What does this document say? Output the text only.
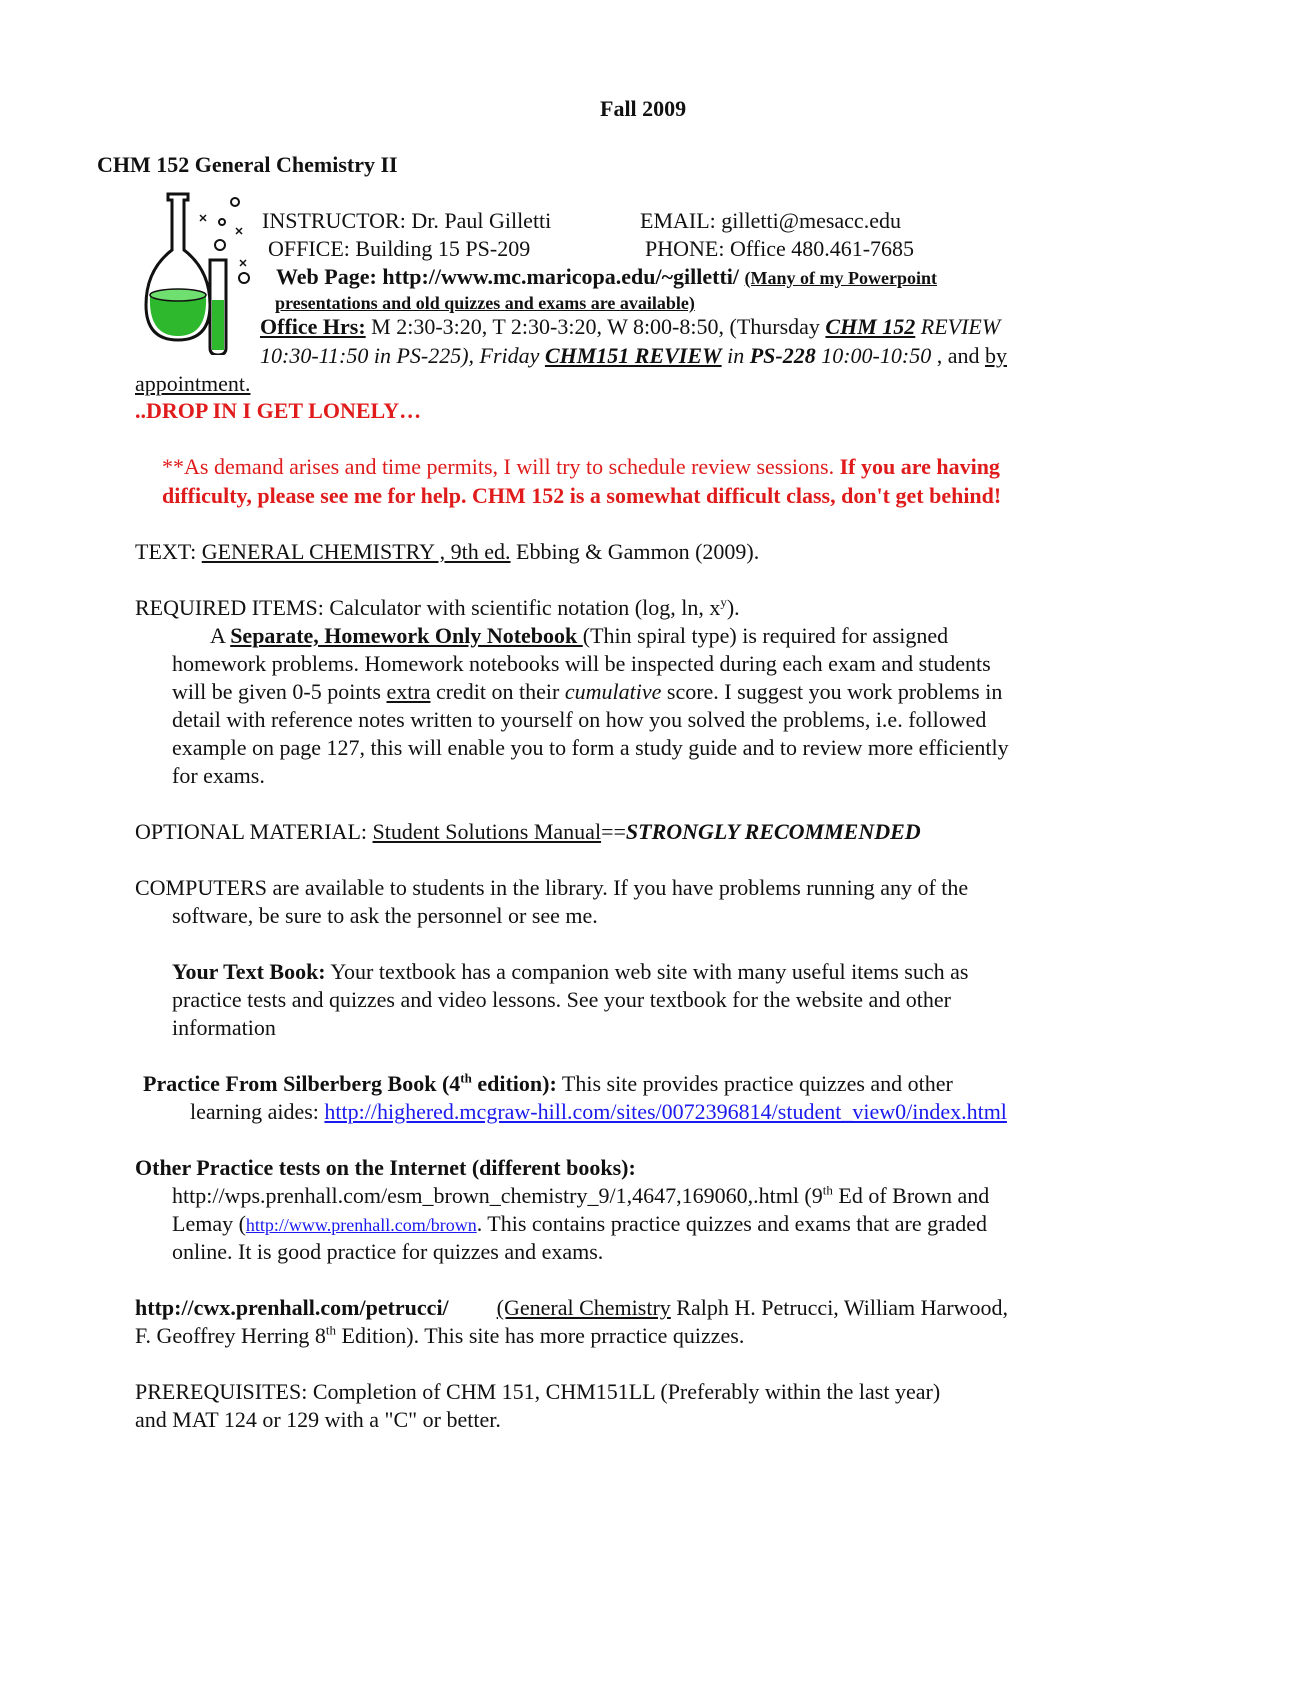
Fall 2009
CHM 152 General Chemistry II
INSTRUCTOR: Dr. Paul Gilletti	EMAIL: gilletti@mesacc.edu
OFFICE: Building 15 PS-209	PHONE: Office 480.461-7685
Web Page: http://www.mc.maricopa.edu/~gilletti/ (Many of my Powerpoint
presentations and old quizzes and exams are available)
Office Hrs: M 2:30-3:20, T 2:30-3:20, W 8:00-8:50, (Thursday CHM 152 REVIEW
10:30-11:50 in PS-225), Friday CHM151 REVIEW in PS-228 10:00-10:50 , and by
appointment.
..DROP IN I GET LONELY…
**As demand arises and time permits, I will try to schedule review sessions. If you are having
difficulty, please see me for help. CHM 152 is a somewhat difficult class, don't get behind!
TEXT: GENERAL CHEMISTRY , 9th ed. Ebbing & Gammon (2009).
REQUIRED ITEMS: Calculator with scientific notation (log, ln, $x^y$).
A Separate, Homework Only Notebook (Thin spiral type) is required for assigned
homework problems. Homework notebooks will be inspected during each exam and students
will be given 0-5 points extra credit on their cumulative score. I suggest you work problems in
detail with reference notes written to yourself on how you solved the problems, i.e. followed
example on page 127, this will enable you to form a study guide and to review more efficiently
for exams.
OPTIONAL MATERIAL: Student Solutions Manual==STRONGLY RECOMMENDED
COMPUTERS are available to students in the library. If you have problems running any of the
software, be sure to ask the personnel or see me.
Your Text Book: Your textbook has a companion web site with many useful items such as
practice tests and quizzes and video lessons. See your textbook for the website and other
information
Practice From Silberberg Book (4th edition): This site provides practice quizzes and other
learning aides: http://highered.mcgraw-hill.com/sites/0072396814/student_view0/index.html
Other Practice tests on the Internet (different books):
http://wps.prenhall.com/esm_brown_chemistry_9/1,4647,169060,.html (9th Ed of Brown and
Lemay (http://www.prenhall.com/brown. This contains practice quizzes and exams that are graded
online. It is good practice for quizzes and exams.
http://cwx.prenhall.com/petrucci/ (General Chemistry Ralph H. Petrucci, William Harwood,
F. Geoffrey Herring 8th Edition). This site has more prractice quizzes.
PREREQUISITES: Completion of CHM 151, CHM151LL (Preferably within the last year)
and MAT 124 or 129 with a "C" or better.
